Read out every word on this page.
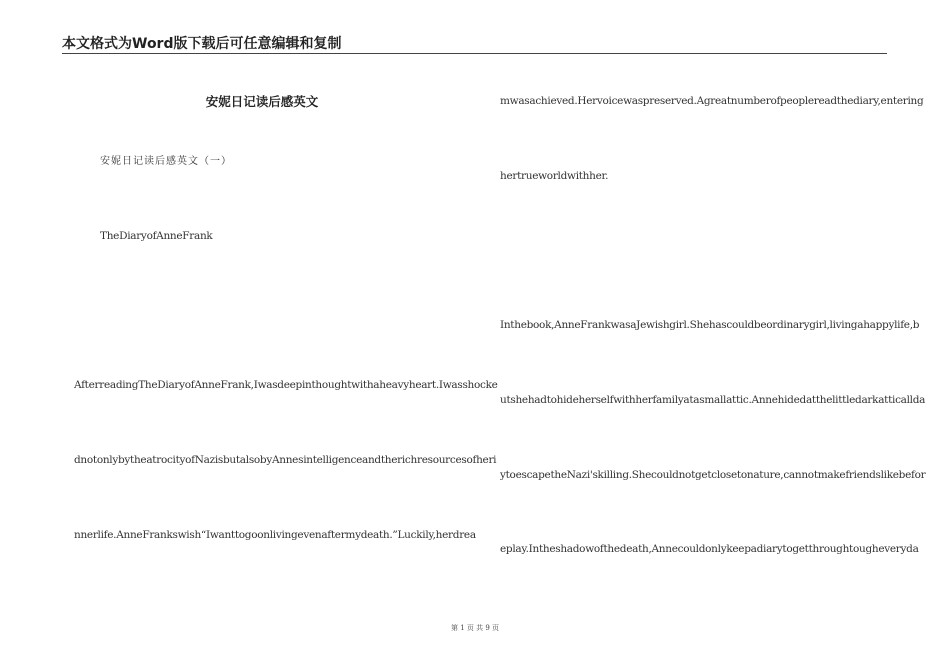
本文格式为Word版下载后可任意编辑和复制
安妮日记读后感英文
安妮日记读后感英文（一）
TheDiaryofAnneFrank
AfterreadingTheDiaryofAnneFrank,Iwasdeepinthoughtwithaheavyheart.Iwasshocke
dnotonlybytheatrocityofNazisbutalsobyAnnesintelligenceandtherichresourcesofheri
nnerlife.AnneFrankswish“Iwanttogoonlivingevenaftermydeath.”Luckily,herdrea
mwasachieved.Hervoicewaspreserved.Agreatnumberofpeoplereadthediary,entering
hertrueworldwithher.
Inthebook,AnneFrankwasaJewishgirl.Shehascouldbeordinarygirl,livingahappylife,b
utshehadtohideherselfwithherfamilyatasmallattic.Annehidedatthelittledarkatticallda
ytoescapetheNazi'skilling.Shecouldnotgetclosetonature,cannotmakefriendslikebefor
eplay.Intheshadowofthedeath,Annecouldonlykeepadiarytogetthroughtougheveryda
第 1 页 共 9 页
